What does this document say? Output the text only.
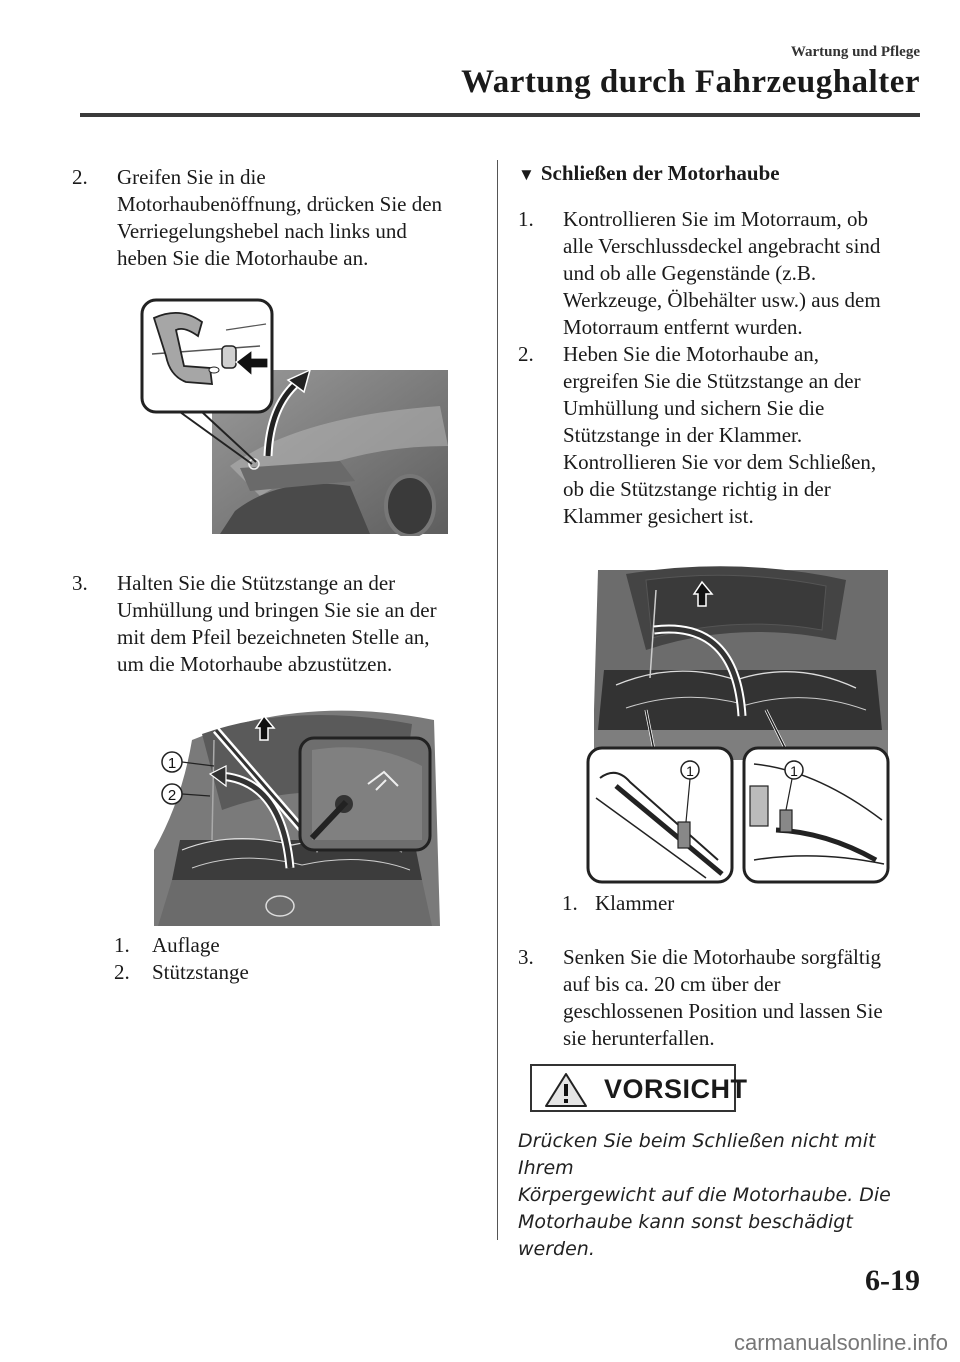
Wartung und Pflege
Wartung durch Fahrzeughalter
2. Greifen Sie in die
Motorhaubenöffnung, drücken Sie den
Verriegelungshebel nach links und
heben Sie die Motorhaube an.
3. Halten Sie die Stützstange an der
Umhüllung und bringen Sie sie an der
mit dem Pfeil bezeichneten Stelle an,
um die Motorhaube abzustützen.
1
2
1. Auflage
2. Stützstange
▼ Schließen der Motorhaube
1. Kontrollieren Sie im Motorraum, ob
alle Verschlussdeckel angebracht sind
und ob alle Gegenstände (z.B.
Werkzeuge, Ölbehälter usw.) aus dem
Motorraum entfernt wurden.
2. Heben Sie die Motorhaube an,
ergreifen Sie die Stützstange an der
Umhüllung und sichern Sie die
Stützstange in der Klammer.
Kontrollieren Sie vor dem Schließen,
ob die Stützstange richtig in der
Klammer gesichert ist.
1	1
1. Klammer
3. Senken Sie die Motorhaube sorgfältig
auf bis ca. 20 cm über der
geschlossenen Position und lassen Sie
sie herunterfallen.
VORSICHT
Drücken Sie beim Schließen nicht mit Ihrem
Körpergewicht auf die Motorhaube. Die
Motorhaube kann sonst beschädigt
werden.
6-19
carmanualsonline.info
